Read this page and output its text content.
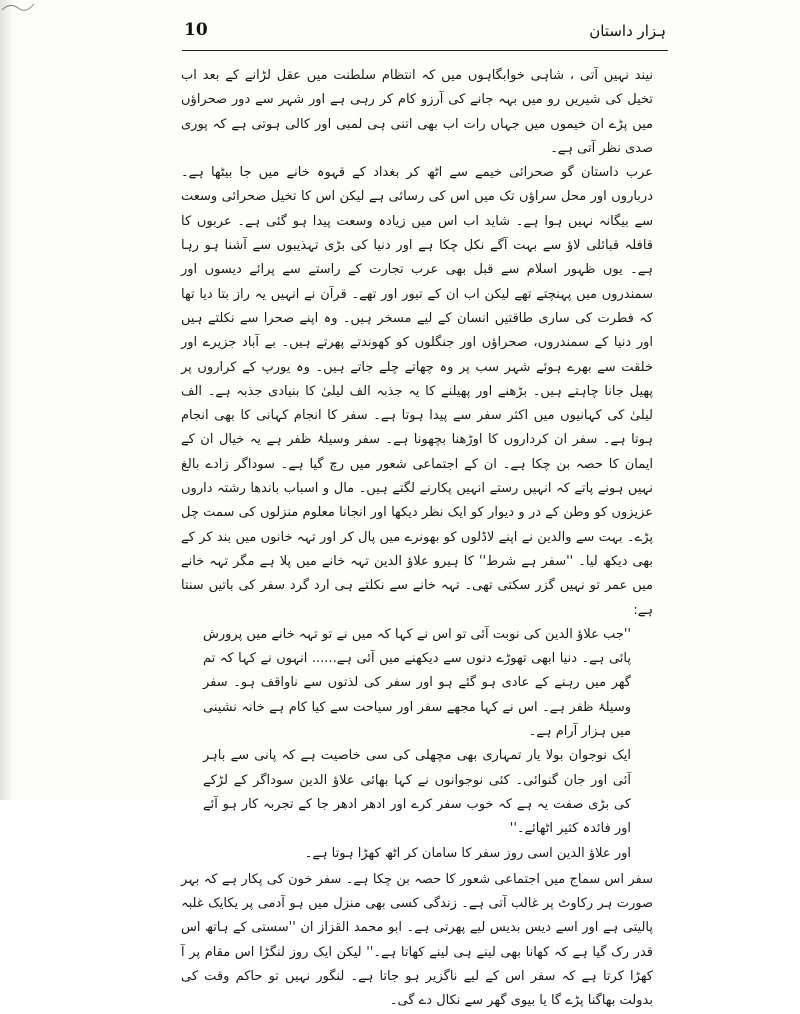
10	ہزار داستان

نیند نہیں آتی ، شاہی خوابگاہوں میں کہ انتظام سلطنت میں عقل لڑانے کے بعد اب تخیل کی شیریں رو میں بہہ جانے کی آرزو کام کر رہی ہے اور شہر سے دور صحراؤں میں پڑے ان خیموں میں جہاں رات اب بھی اتنی ہی لمبی اور کالی ہوتی ہے کہ پوری صدی نظر آتی ہے۔

عرب داستان گو صحرائی خیمے سے اٹھ کر بغداد کے قہوہ خانے میں جا بیٹھا ہے۔ درباروں اور محل سراؤں تک میں اس کی رسائی ہے لیکن اس کا تخیل صحرائی وسعت سے بیگانہ نہیں ہوا ہے۔ شاید اب اس میں زیادہ وسعت پیدا ہو گئی ہے۔ عربوں کا قافلہ قبائلی لاؤ سے بہت آگے نکل چکا ہے اور دنیا کی بڑی تہذیبوں سے آشنا ہو رہا ہے۔ یوں ظہور اسلام سے قبل بھی عرب تجارت کے راستے سے پرائے دیسوں اور سمندروں میں پہنچتے تھے لیکن اب ان کے تیور اور تھے۔ قرآن نے انہیں یہ راز بتا دیا تھا کہ فطرت کی ساری طاقتیں انسان کے لیے مسخر ہیں۔ وہ اپنے صحرا سے نکلتے ہیں اور دنیا کے سمندروں، صحراؤں اور جنگلوں کو کھوندتے پھرتے ہیں۔ بے آباد جزیرے اور خلقت سے بھرے ہوئے شہر سب پر وہ چھاتے چلے جاتے ہیں۔ وہ یورپ کے کراروں پر پھیل جانا چاہتے ہیں۔ بڑھنے اور پھیلنے کا یہ جذبہ الف لیلیٰ کا بنیادی جذبہ ہے۔ الف لیلیٰ کی کہانیوں میں اکثر سفر سے پیدا ہوتا ہے۔ سفر کا انجام کہانی کا بھی انجام ہوتا ہے۔ سفر ان کرداروں کا اوڑھنا بچھونا ہے۔ سفر وسیلۂ ظفر ہے یہ خیال ان کے ایمان کا حصہ بن چکا ہے۔ ان کے اجتماعی شعور میں رچ گیا ہے۔ سوداگر زادے بالغ نہیں ہونے پاتے کہ انہیں رستے انہیں پکارنے لگتے ہیں۔ مال و اسباب باندھا رشتہ داروں عزیزوں کو وطن کے در و دیوار کو ایک نظر دیکھا اور انجانا معلوم منزلوں کی سمت چل پڑے۔ بہت سے والدین نے اپنے لاڈلوں کو بھونرے میں پال کر اور تہہ خانوں میں بند کر کے بھی دیکھ لیا۔ ''سفر ہے شرط'' کا ہیرو علاؤ الدین تہہ خانے میں پلا ہے مگر تہہ خانے میں عمر تو نہیں گزر سکتی تھی۔ تہہ خانے سے نکلتے ہی ارد گرد سفر کی باتیں سنتا ہے:

''جب علاؤ الدین کی نوبت آئی تو اس نے کہا کہ میں نے تو تہہ خانے میں پرورش پائی ہے۔ دنیا ابھی تھوڑے دنوں سے دیکھنے میں آئی ہے...... انہوں نے کہا کہ تم گھر میں رہنے کے عادی ہو گئے ہو اور سفر کی لذتوں سے ناواقف ہو۔ سفر وسیلۂ ظفر ہے۔ اس نے کہا مجھے سفر اور سیاحت سے کیا کام ہے خانہ نشینی میں ہزار آرام ہے۔

ایک نوجوان بولا یار تمہاری بھی مچھلی کی سی خاصیت ہے کہ پانی سے باہر آئی اور جان گنوائی۔ کئی نوجوانوں نے کہا بھائی علاؤ الدین سوداگر کے لڑکے کی بڑی صفت یہ ہے کہ خوب سفر کرے اور ادھر ادھر جا کے تجربہ کار ہو آئے اور فائدہ کثیر اٹھائے۔''

اور علاؤ الدین اسی روز سفر کا سامان کر اٹھ کھڑا ہوتا ہے۔

سفر اس سماج میں اجتماعی شعور کا حصہ بن چکا ہے۔ سفر خون کی پکار ہے کہ بہر صورت ہر رکاوٹ پر غالب آتی ہے۔ زندگی کسی بھی منزل میں ہو آدمی پر یکایک غلبہ پالیتی ہے اور اسے دیس بدیس لیے پھرتی ہے۔ ابو محمد القزاز ان ''سستی کے ہاتھ اس قدر رک گیا ہے کہ کھانا بھی لینے ہی لینے کھاتا ہے۔'' لیکن ایک روز لنگڑا اس مقام پر آ کھڑا کرتا ہے کہ سفر اس کے لیے ناگزیر ہو جاتا ہے۔ لنگور نہیں تو حاکم وقت کی بدولت بھاگنا پڑے گا یا بیوی گھر سے نکال دے گی۔
